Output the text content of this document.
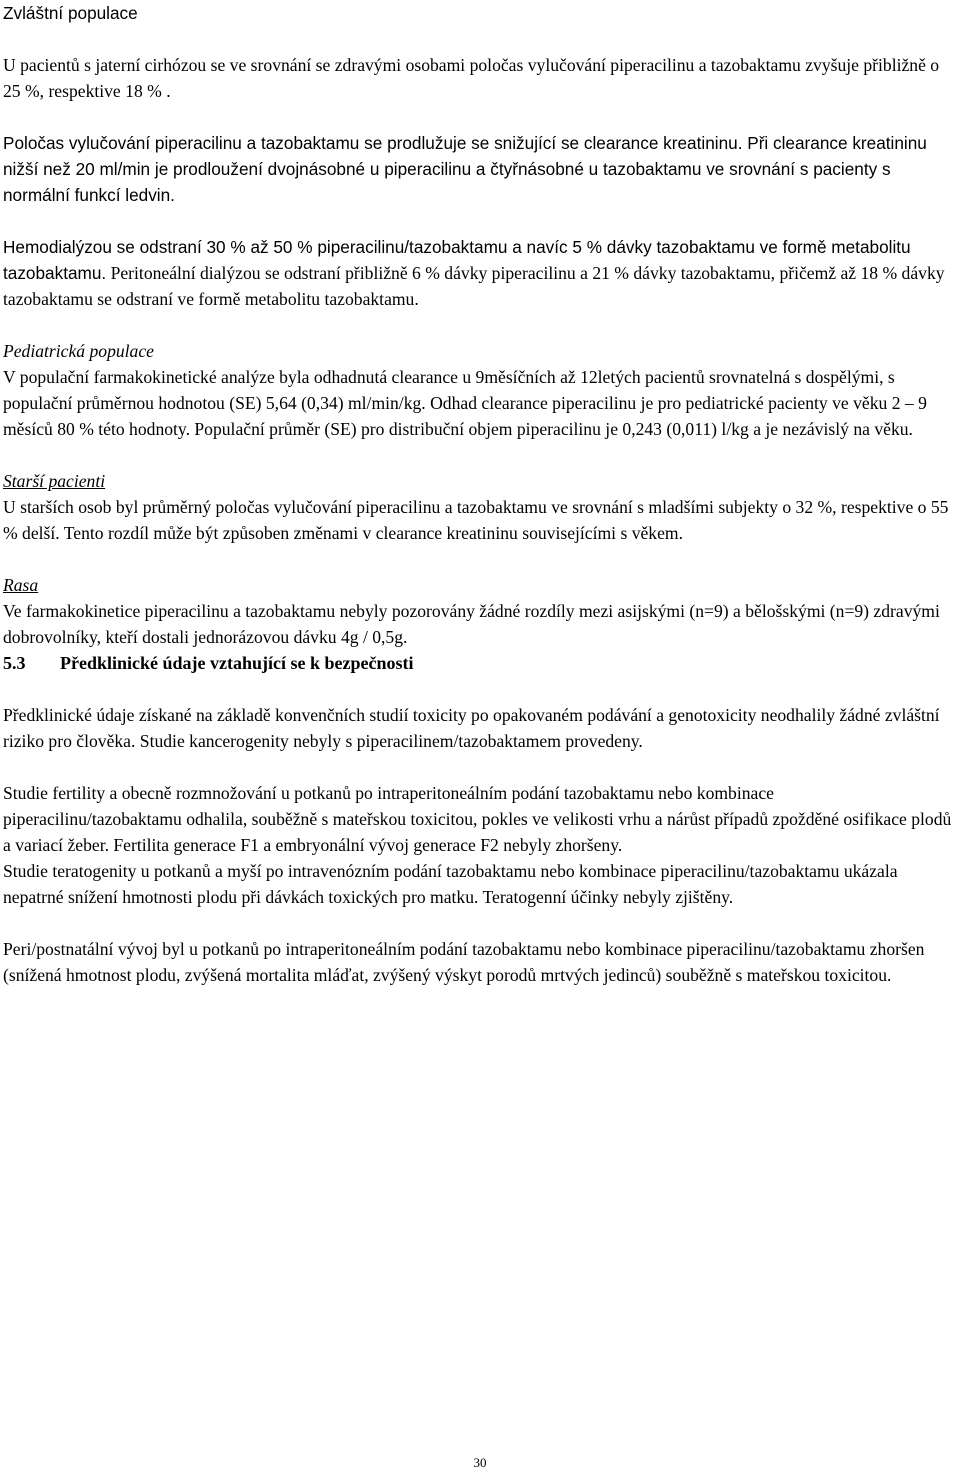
Zvláštní populace

U pacientů s jaterní cirhózou se ve srovnání se zdravými osobami poločas vylučování piperacilinu a tazobaktamu zvyšuje přibližně o 25 %, respektive 18 % .

Poločas vylučování piperacilinu a tazobaktamu se prodlužuje se snižující se clearance kreatininu. Při clearance kreatininu nižší než 20 ml/min je prodloužení dvojnásobné u piperacilinu a čtyřnásobné u tazobaktamu ve srovnání s pacienty s normální funkcí ledvin.

Hemodialýzou se odstraní 30 % až 50 % piperacilinu/tazobaktamu a navíc 5 % dávky tazobaktamu ve formě metabolitu tazobaktamu. Peritoneální dialýzou se odstraní přibližně 6 % dávky piperacilinu a 21 % dávky tazobaktamu, přičemž až 18 % dávky tazobaktamu se odstraní ve formě metabolitu tazobaktamu.

Pediatrická populace

V populační farmakokinetické analýze byla odhadnutá clearance u 9měsíčních až 12letých pacientů srovnatelná s dospělými, s populační průměrnou hodnotou (SE) 5,64 (0,34) ml/min/kg. Odhad clearance piperacilinu je pro pediatrické pacienty ve věku 2 – 9 měsíců 80 % této hodnoty. Populační průměr (SE) pro distribuční objem piperacilinu je 0,243 (0,011) l/kg a je nezávislý na věku.

Starší pacienti

U starších osob byl průměrný poločas vylučování piperacilinu a tazobaktamu ve srovnání s mladšími subjekty o 32 %, respektive o 55 % delší. Tento rozdíl může být způsoben změnami v clearance kreatininu souvisejícími s věkem.

Rasa

Ve farmakokinetice piperacilinu a tazobaktamu nebyly pozorovány žádné rozdíly mezi asijskými (n=9) a bělošskými (n=9) zdravými dobrovolníky, kteří dostali jednorázovou dávku 4g / 0,5g.

5.3 Předklinické údaje vztahující se k bezpečnosti

Předklinické údaje získané na základě konvenčních studií toxicity po opakovaném podávání a genotoxicity neodhalily žádné zvláštní riziko pro člověka. Studie kancerogenity nebyly s piperacilinem/tazobaktamem provedeny.

Studie fertility a obecně rozmnožování u potkanů po intraperitoneálním podání tazobaktamu nebo kombinace piperacilinu/tazobaktamu odhalila, souběžně s mateřskou toxicitou, pokles ve velikosti vrhu a nárůst případů zpožděné osifikace plodů a variací žeber. Fertilita generace F1 a embryonální vývoj generace F2 nebyly zhoršeny.

Studie teratogenity u potkanů a myší po intravenózním podání tazobaktamu nebo kombinace piperacilinu/tazobaktamu ukázala nepatrné snížení hmotnosti plodu při dávkách toxických pro matku. Teratogenní účinky nebyly zjištěny.

Peri/postnatální vývoj byl u potkanů po intraperitoneálním podání tazobaktamu nebo kombinace piperacilinu/tazobaktamu zhoršen (snížená hmotnost plodu, zvýšená mortalita mláďat, zvýšený výskyt porodů mrtvých jedinců) souběžně s mateřskou toxicitou.

30
